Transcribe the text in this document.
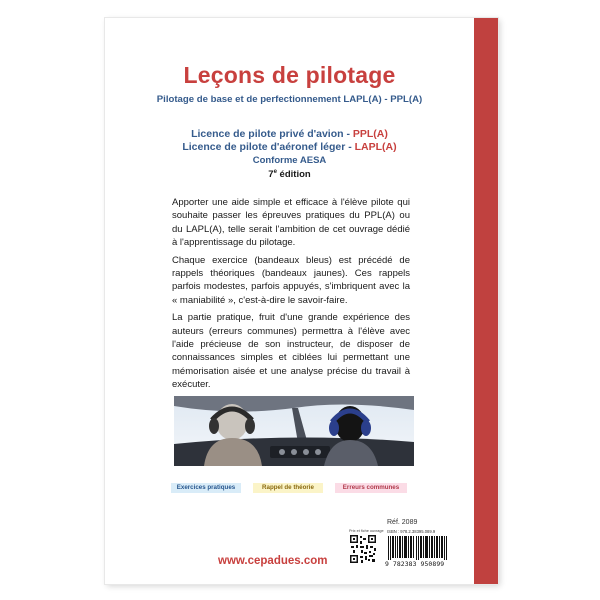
Leçons de pilotage
Pilotage de base et de perfectionnement LAPL(A) - PPL(A)
Licence de pilote privé d'avion - PPL(A)
Licence de pilote d'aéronef léger - LAPL(A)
Conforme AESA
7e édition

Apporter une aide simple et efficace à l'élève pilote qui souhaite passer les épreuves pratiques du PPL(A) ou du LAPL(A), telle serait l'ambition de cet ouvrage dédié à l'apprentissage du pilotage.

Chaque exercice (bandeaux bleus) est précédé de rappels théoriques (bandeaux jaunes). Ces rappels parfois modestes, parfois appuyés, s'imbriquent avec la « maniabilité », c'est-à-dire le savoir-faire.

La partie pratique, fruit d'une grande expérience des auteurs (erreurs communes) permettra à l'élève avec l'aide précieuse de son instructeur, de disposer de connaissances simples et ciblées lui permettant une mémorisation aisée et une analyse précise du travail à exécuter.

Exercices pratiques	Rappel de théorie	Erreurs communes
Prix et fiche ouvrage
Réf. 2089
ISBN : 978.2.38395.089.9
9 782383 950899
www.cepadues.com
